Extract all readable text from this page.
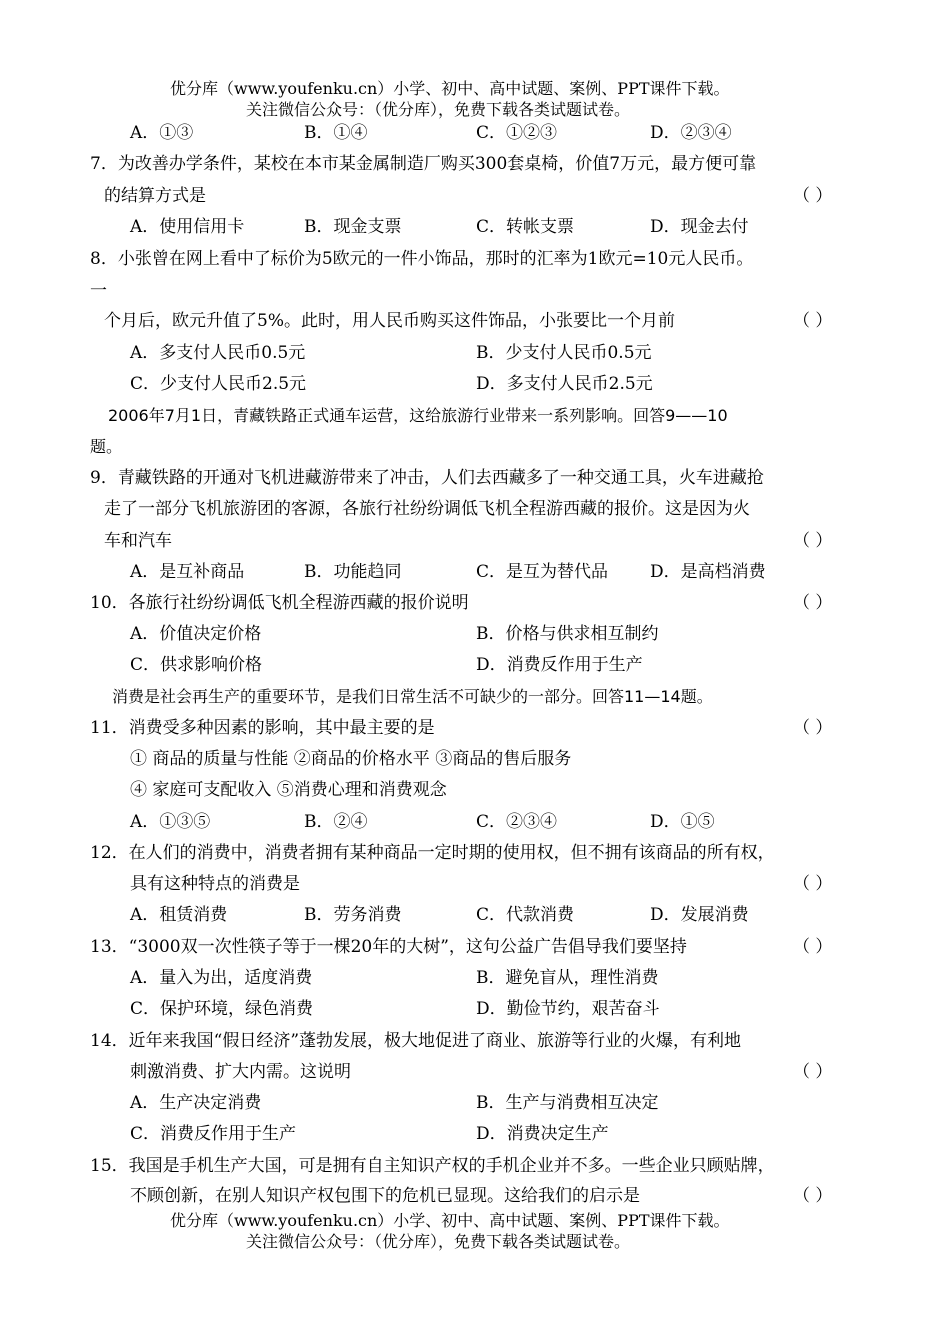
优分库（www.youfenku.cn）小学、初中、高中试题、案例、PPT课件下载。
关注微信公众号：（优分库），免费下载各类试题试卷。
A．①③	B．①④	C．①②③	D．②③④
7．为改善办学条件，某校在本市某金属制造厂购买300套桌椅，价值7万元，最方便可靠
的结算方式是	（ ）
A．使用信用卡	B．现金支票	C．转帐支票	D．现金去付
8．小张曾在网上看中了标价为5欧元的一件小饰品，那时的汇率为1欧元=10元人民币。
一
个月后，欧元升值了5%。此时，用人民币购买这件饰品，小张要比一个月前	（ ）
A．多支付人民币0.5元	B．少支付人民币0.5元
C．少支付人民币2.5元	D．多支付人民币2.5元
2006年7月1日，青藏铁路正式通车运营，这给旅游行业带来一系列影响。回答9——10
题。
9．青藏铁路的开通对飞机进藏游带来了冲击，人们去西藏多了一种交通工具，火车进藏抢
走了一部分飞机旅游团的客源，各旅行社纷纷调低飞机全程游西藏的报价。这是因为火
车和汽车	（ ）
A．是互补商品	B．功能趋同	C．是互为替代品 D．是高档消费
10．各旅行社纷纷调低飞机全程游西藏的报价说明	（ ）
A．价值决定价格	B．价格与供求相互制约
C．供求影响价格	D．消费反作用于生产
消费是社会再生产的重要环节，是我们日常生活不可缺少的一部分。回答11—14题。
11．消费受多种因素的影响，其中最主要的是	（ ）
① 商品的质量与性能 ②商品的价格水平 ③商品的售后服务
④ 家庭可支配收入 ⑤消费心理和消费观念
A．①③⑤	B．②④	C．②③④	D．①⑤
12．在人们的消费中，消费者拥有某种商品一定时期的使用权，但不拥有该商品的所有权，
具有这种特点的消费是	（ ）
A．租赁消费	B．劳务消费	C．代款消费	D．发展消费
13．“3000双一次性筷子等于一棵20年的大树”，这句公益广告倡导我们要坚持	（ ）
A．量入为出，适度消费	B．避免盲从，理性消费
C．保护环境，绿色消费	D．勤俭节约，艰苦奋斗
14．近年来我国“假日经济”蓬勃发展，极大地促进了商业、旅游等行业的火爆，有利地
刺激消费、扩大内需。这说明	（ ）
A．生产决定消费	B．生产与消费相互决定
C．消费反作用于生产	D．消费决定生产
15．我国是手机生产大国，可是拥有自主知识产权的手机企业并不多。一些企业只顾贴牌，
不顾创新，在别人知识产权包围下的危机已显现。这给我们的启示是	（ ）
优分库（www.youfenku.cn）小学、初中、高中试题、案例、PPT课件下载。
关注微信公众号：（优分库），免费下载各类试题试卷。
